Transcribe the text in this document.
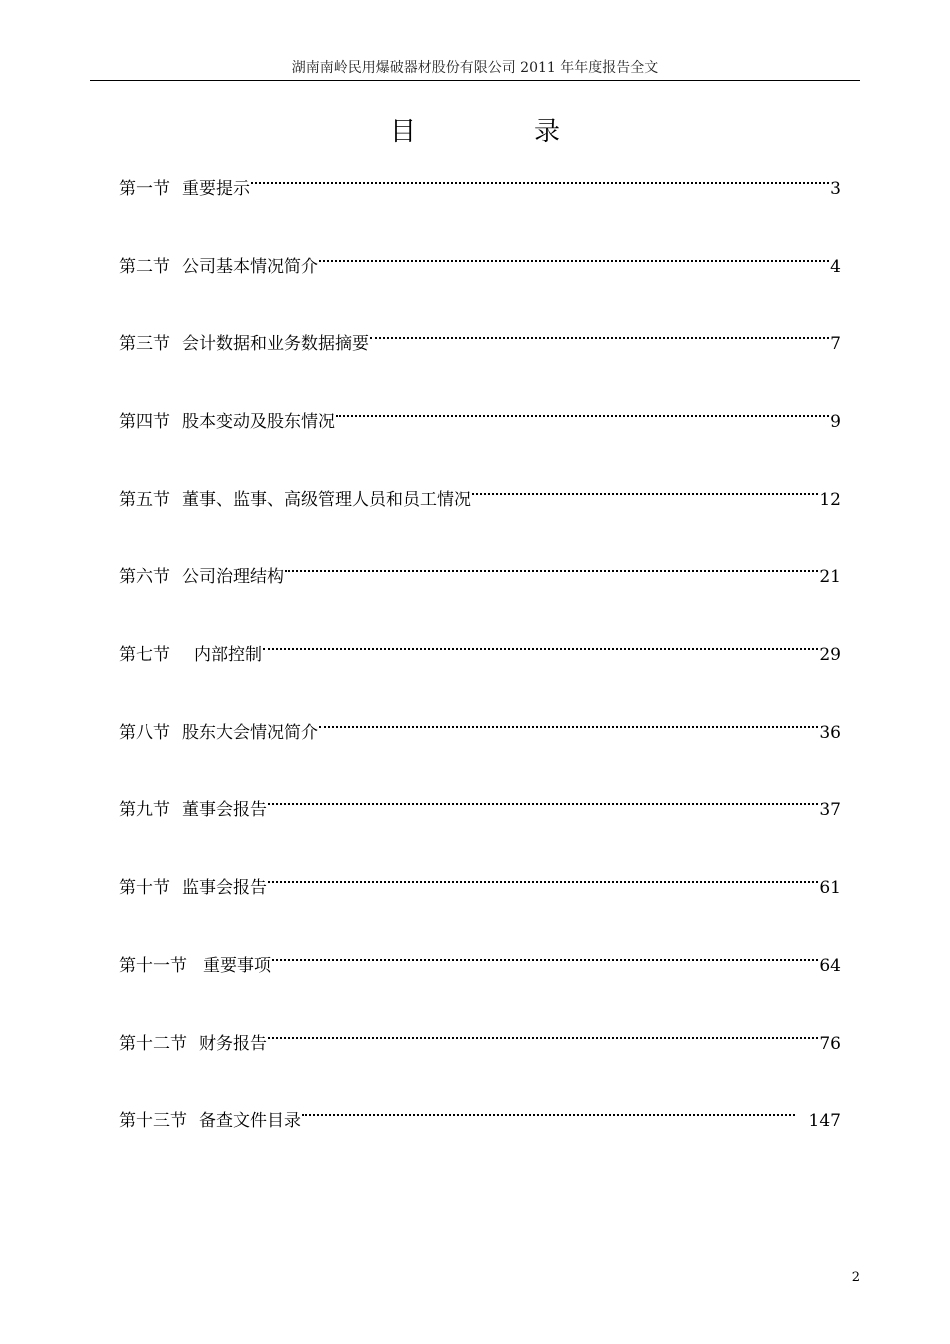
湖南南岭民用爆破器材股份有限公司 2011 年年度报告全文
目	录
第一节 重要提示	3
第二节 公司基本情况简介	4
第三节 会计数据和业务数据摘要	7
第四节 股本变动及股东情况	9
第五节 董事、监事、高级管理人员和员工情况	12
第六节 公司治理结构	21
第七节 内部控制	29
第八节 股东大会情况简介	36
第九节 董事会报告	37
第十节 监事会报告	61
第十一节 重要事项	64
第十二节 财务报告	76
第十三节 备查文件目录	147
2
